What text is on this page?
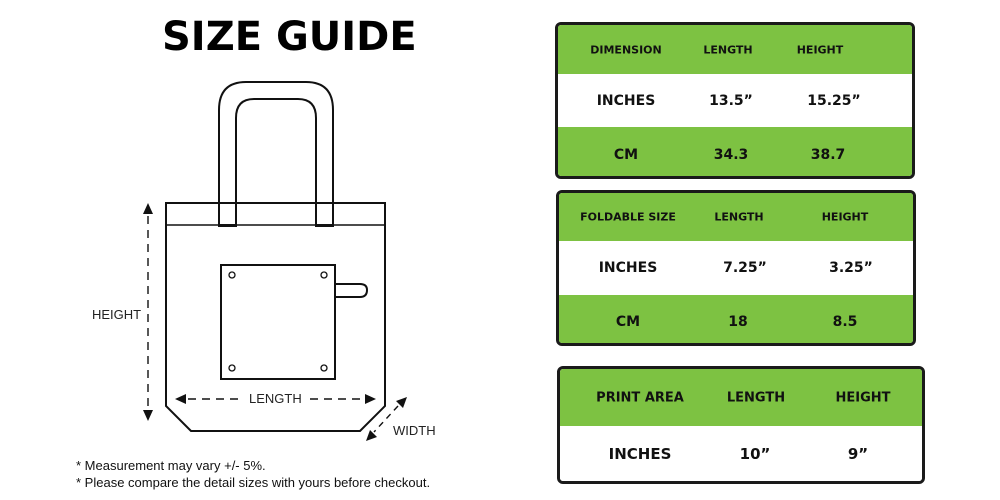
SIZE GUIDE
HEIGHT
LENGTH
WIDTH
* Measurement may vary +/- 5%.
* Please compare the detail sizes with yours before checkout.
DIMENSION	LENGTH	HEIGHT
INCHES	13.5”	15.25”
CM	34.3	38.7
FOLDABLE SIZE	LENGTH	HEIGHT
INCHES	7.25”	3.25”
CM	18	8.5
PRINT AREA	LENGTH	HEIGHT
INCHES	10”	9”
